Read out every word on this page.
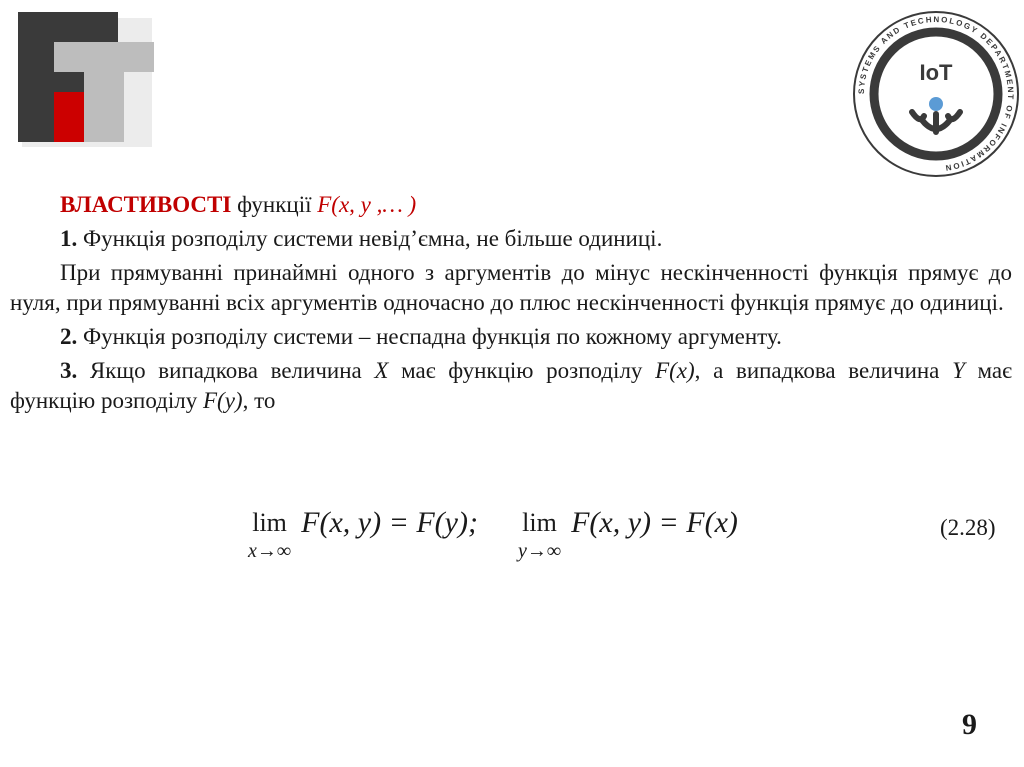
SYSTEMS AND TECHNOLOGY DEPARTMENT OF INFORMATION
IoT

ВЛАСТИВОСТІ функції F(x, y ,… )

1. Функція розподілу системи невід’ємна, не більше одиниці.

При прямуванні принаймні одного з аргументів до мінус нескінченності функція прямує до нуля, при прямуванні всіх аргументів одночасно до плюс нескінченності функція прямує до одиниці.

2. Функція розподілу системи – неспадна функція по кожному аргументу.

3. Якщо випадкова величина X має функцію розподілу F(x), а випадкова величина Y має функцію розподілу F(y), то

lim
x→∞
F(x, y) = F(y); lim
y→∞
F(x, y) = F(x)	(2.28)
9
